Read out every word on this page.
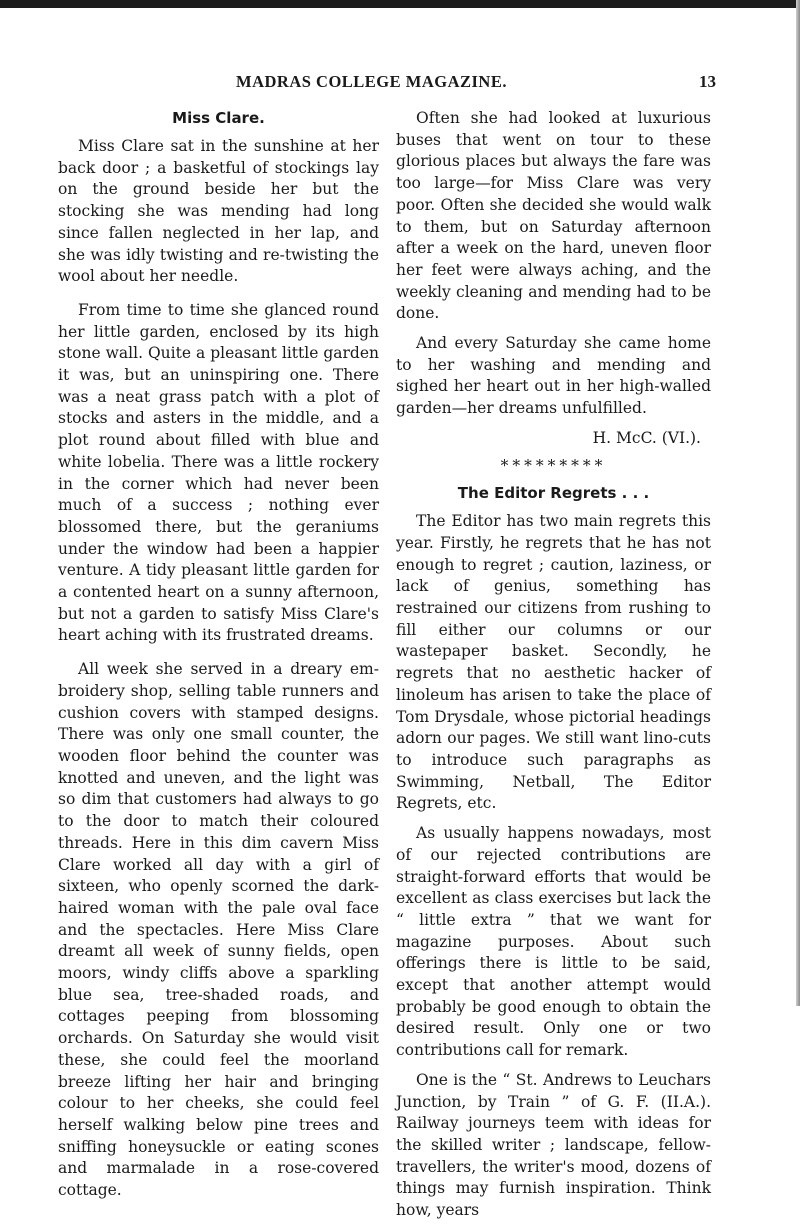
MADRAS COLLEGE MAGAZINE.	13
Miss Clare.

Miss Clare sat in the sunshine at her back door ; a basketful of stockings lay on the ground beside her but the stocking she was mending had long since fallen neglected in her lap, and she was idly twisting and re-twisting the wool about her needle.

From time to time she glanced round her little garden, enclosed by its high stone wall. Quite a pleasant little garden it was, but an uninspiring one. There was a neat grass patch with a plot of stocks and asters in the middle, and a plot round about filled with blue and white lobelia. There was a little rockery in the corner which had never been much of a success ; nothing ever blossomed there, but the geraniums under the window had been a happier venture. A tidy pleasant little garden for a contented heart on a sunny afternoon, but not a garden to satisfy Miss Clare's heart aching with its frustrated dreams.

All week she served in a dreary em-broidery shop, selling table runners and cushion covers with stamped designs. There was only one small counter, the wooden floor behind the counter was knotted and uneven, and the light was so dim that customers had always to go to the door to match their coloured threads. Here in this dim cavern Miss Clare worked all day with a girl of sixteen, who openly scorned the dark-haired woman with the pale oval face and the spectacles. Here Miss Clare dreamt all week of sunny fields, open moors, windy cliffs above a sparkling blue sea, tree-shaded roads, and cottages peeping from blossoming orchards. On Saturday she would visit these, she could feel the moorland breeze lifting her hair and bringing colour to her cheeks, she could feel herself walking below pine trees and sniffing honeysuckle or eating scones and marmalade in a rose-covered cottage.

Often she had looked at luxurious buses that went on tour to these glorious places but always the fare was too large—for Miss Clare was very poor. Often she decided she would walk to them, but on Saturday afternoon after a week on the hard, uneven floor her feet were always aching, and the weekly cleaning and mending had to be done.

And every Saturday she came home to her washing and mending and sighed her heart out in her high-walled garden—her dreams unfulfilled.

H. McC. (VI.).
*********
The Editor Regrets . . .

The Editor has two main regrets this year. Firstly, he regrets that he has not enough to regret ; caution, laziness, or lack of genius, something has restrained our citizens from rushing to fill either our columns or our wastepaper basket. Secondly, he regrets that no aesthetic hacker of linoleum has arisen to take the place of Tom Drysdale, whose pictorial headings adorn our pages. We still want lino-cuts to introduce such paragraphs as Swimming, Netball, The Editor Regrets, etc.

As usually happens nowadays, most of our rejected contributions are straight-forward efforts that would be excellent as class exercises but lack the “ little extra ” that we want for magazine purposes. About such offerings there is little to be said, except that another attempt would probably be good enough to obtain the desired result. Only one or two contributions call for remark.

One is the “ St. Andrews to Leuchars Junction, by Train ” of G. F. (II.A.). Railway journeys teem with ideas for the skilled writer ; landscape, fellow-travellers, the writer's mood, dozens of things may furnish inspiration. Think how, years
